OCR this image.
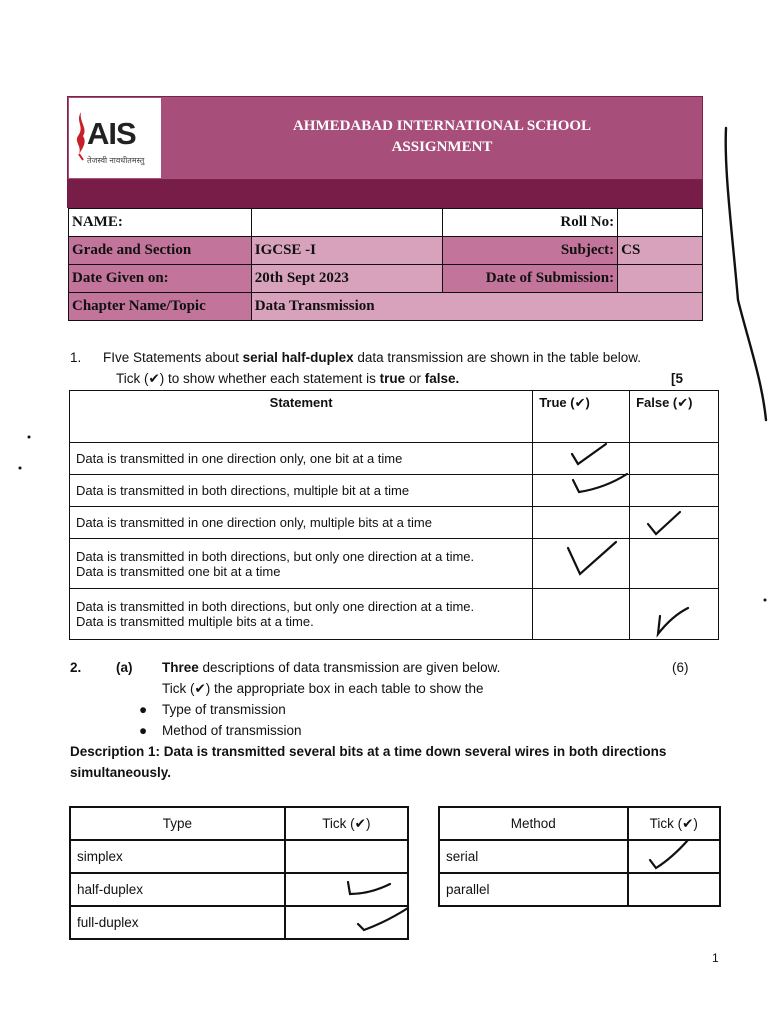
AIS
तेजस्वी नावधीतमस्तु
AHMEDABAD INTERNATIONAL SCHOOL
ASSIGNMENT
NAME:		Roll No:	
Grade and Section	IGCSE -I	Subject:	CS
Date Given on:	20th Sept 2023	Date of Submission:	
Chapter Name/Topic	Data Transmission		
1. FIve Statements about serial half-duplex data transmission are shown in the table below.
Tick (✔) to show whether each statement is true or false.	[5
Statement	True (✔)	False (✔)
Data is transmitted in one direction only, one bit at a time		
Data is transmitted in both directions, multiple bit at a time		
Data is transmitted in one direction only, multiple bits at a time		

Data is transmitted in both directions, but only one direction at a time.
Data is transmitted one bit at a time		

Data is transmitted in both directions, but only one direction at a time.
Data is transmitted multiple bits at a time.		

2.	(a) Three descriptions of data transmission are given below.	(6)
Tick (✔) the appropriate box in each table to show the
● Type of transmission
● Method of transmission
Description 1: Data is transmitted several bits at a time down several wires in both directions
simultaneously.
Type	Tick (✔)
simplex	
half-duplex	
full-duplex	
Method	Tick (✔)
serial	
parallel	
1
